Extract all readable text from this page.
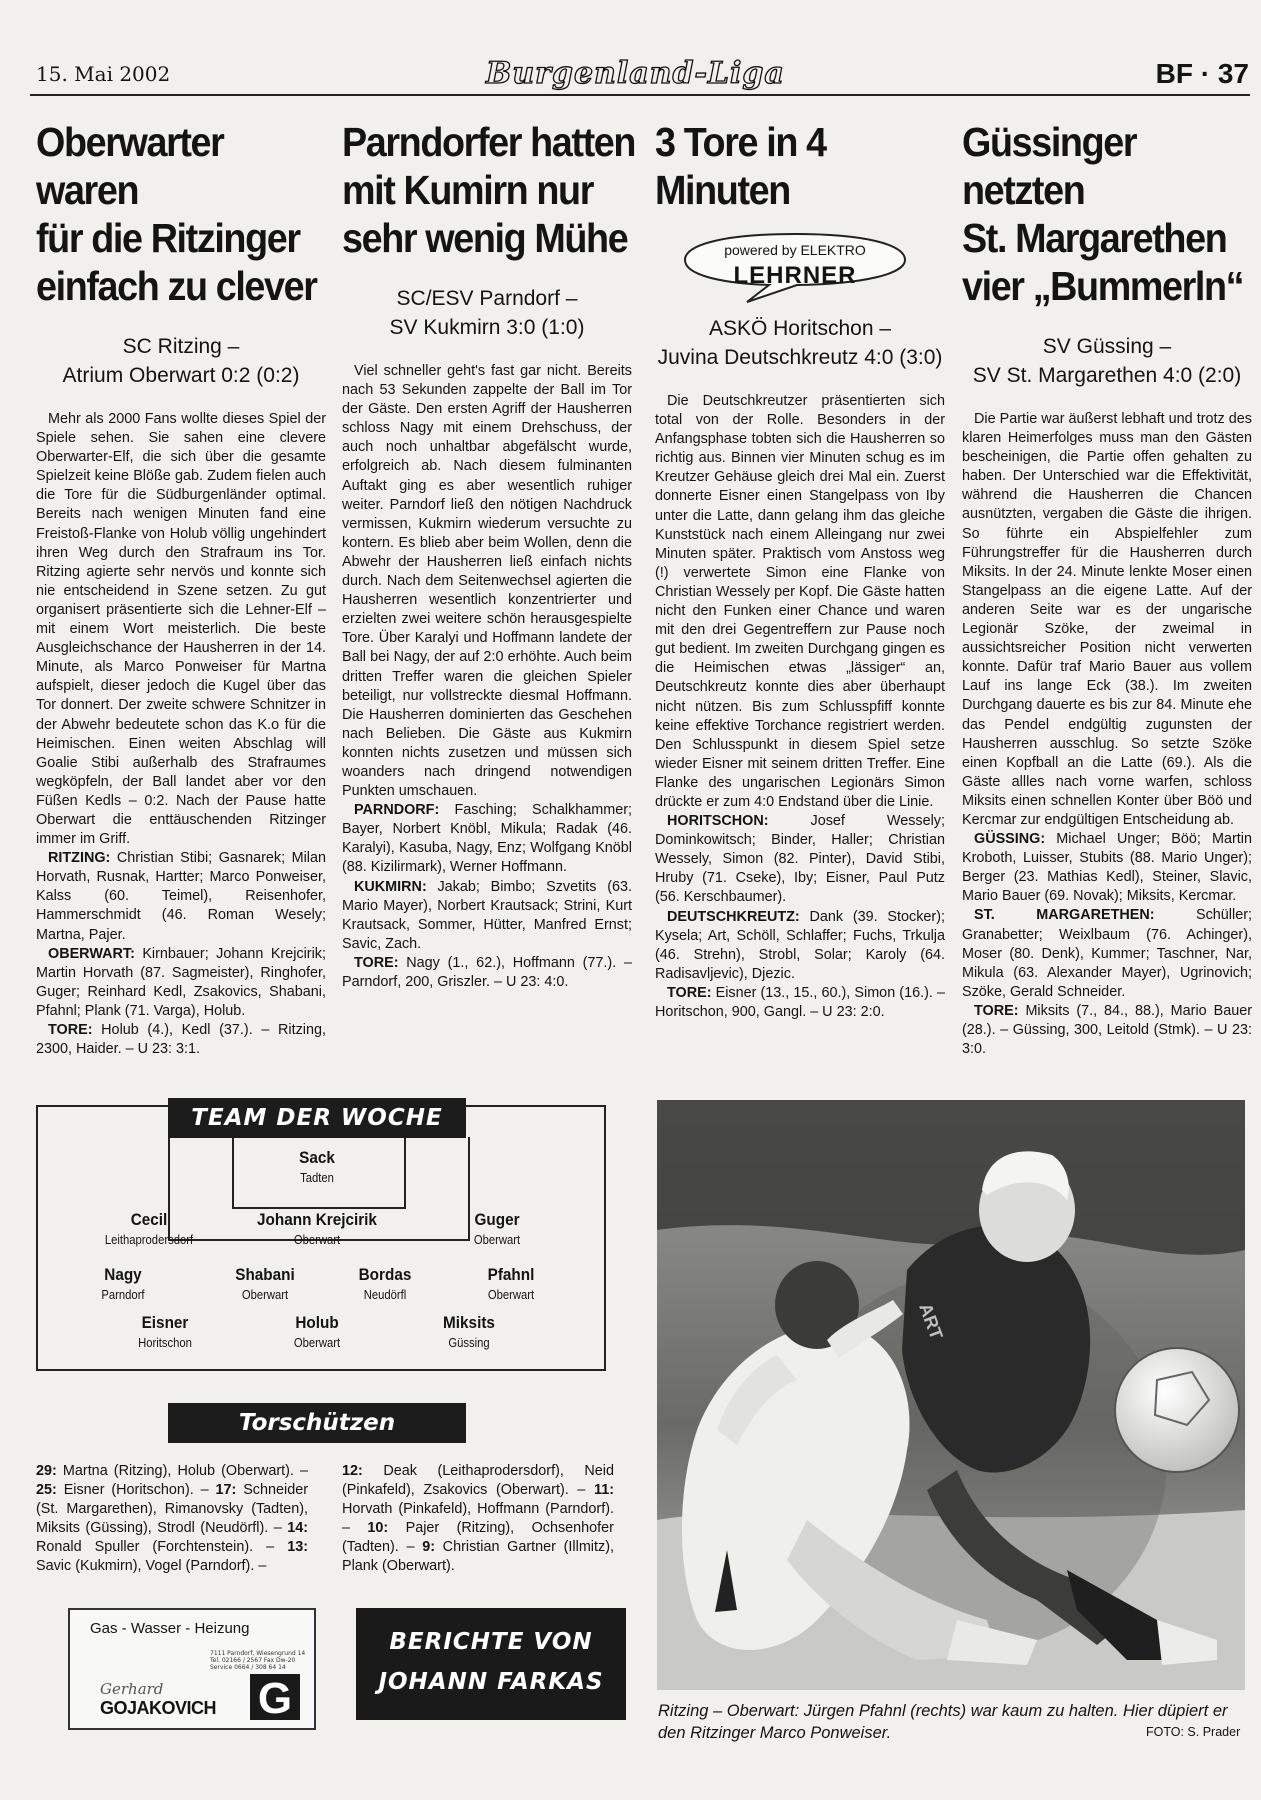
15. Mai 2002	Burgenland-Liga	BF · 37
Oberwarter waren
für die Ritzinger
einfach zu clever
SC Ritzing –
Atrium Oberwart 0:2 (0:2)

Mehr als 2000 Fans wollte dieses Spiel der Spiele sehen. Sie sahen eine clevere Oberwarter-Elf, die sich über die gesamte Spielzeit keine Blöße gab. Zudem fielen auch die Tore für die Südburgenländer optimal. Bereits nach wenigen Minuten fand eine Freistoß-Flanke von Holub völlig ungehindert ihren Weg durch den Strafraum ins Tor. Ritzing agierte sehr nervös und konnte sich nie entscheidend in Szene setzen. Zu gut organisert präsentierte sich die Lehner-Elf – mit einem Wort meisterlich. Die beste Ausgleichschance der Hausherren in der 14. Minute, als Marco Ponweiser für Martna aufspielt, dieser jedoch die Kugel über das Tor donnert. Der zweite schwere Schnitzer in der Abwehr bedeutete schon das K.o für die Heimischen. Einen weiten Abschlag will Goalie Stibi außerhalb des Strafraumes wegköpfeln, der Ball landet aber vor den Füßen Kedls – 0:2. Nach der Pause hatte Oberwart die enttäuschenden Ritzinger immer im Griff.

RITZING: Christian Stibi; Gasnarek; Milan Horvath, Rusnak, Hartter; Marco Ponweiser, Kalss (60. Teimel), Reisenhofer, Hammerschmidt (46. Roman Wesely; Martna, Pajer.

OBERWART: Kirnbauer; Johann Krejcirik; Martin Horvath (87. Sagmeister), Ringhofer, Guger; Reinhard Kedl, Zsakovics, Shabani, Pfahnl; Plank (71. Varga), Holub.

TORE: Holub (4.), Kedl (37.). – Ritzing, 2300, Haider. – U 23: 3:1.

Parndorfer hatten
mit Kumirn nur
sehr wenig Mühe
SC/ESV Parndorf –
SV Kukmirn 3:0 (1:0)

Viel schneller geht's fast gar nicht. Bereits nach 53 Sekunden zappelte der Ball im Tor der Gäste. Den ersten Agriff der Hausherren schloss Nagy mit einem Drehschuss, der auch noch unhaltbar abgefälscht wurde, erfolgreich ab. Nach diesem fulminanten Auftakt ging es aber wesentlich ruhiger weiter. Parndorf ließ den nötigen Nachdruck vermissen, Kukmirn wiederum versuchte zu kontern. Es blieb aber beim Wollen, denn die Abwehr der Hausherren ließ einfach nichts durch. Nach dem Seitenwechsel agierten die Hausherren wesentlich konzentrierter und erzielten zwei weitere schön herausgespielte Tore. Über Karalyi und Hoffmann landete der Ball bei Nagy, der auf 2:0 erhöhte. Auch beim dritten Treffer waren die gleichen Spieler beteiligt, nur vollstreckte diesmal Hoffmann. Die Hausherren dominierten das Geschehen nach Belieben. Die Gäste aus Kukmirn konnten nichts zusetzen und müssen sich woanders nach dringend notwendigen Punkten umschauen.

PARNDORF: Fasching; Schalkhammer; Bayer, Norbert Knöbl, Mikula; Radak (46. Karalyi), Kasuba, Nagy, Enz; Wolfgang Knöbl (88. Kizilirmark), Werner Hoffmann.

KUKMIRN: Jakab; Bimbo; Szvetits (63. Mario Mayer), Norbert Krautsack; Strini, Kurt Krautsack, Sommer, Hütter, Manfred Ernst; Savic, Zach.

TORE: Nagy (1., 62.), Hoffmann (77.). – Parndorf, 200, Griszler. – U 23: 4:0.

3 Tore in 4 Minuten
powered by ELEKTRO
LEHRNER
ASKÖ Horitschon –
Juvina Deutschkreutz 4:0 (3:0)

Die Deutschkreutzer präsentierten sich total von der Rolle. Besonders in der Anfangsphase tobten sich die Hausherren so richtig aus. Binnen vier Minuten schug es im Kreutzer Gehäuse gleich drei Mal ein. Zuerst donnerte Eisner einen Stangelpass von Iby unter die Latte, dann gelang ihm das gleiche Kunststück nach einem Alleingang nur zwei Minuten später. Praktisch vom Anstoss weg (!) verwertete Simon eine Flanke von Christian Wessely per Kopf. Die Gäste hatten nicht den Funken einer Chance und waren mit den drei Gegentreffern zur Pause noch gut bedient. Im zweiten Durchgang gingen es die Heimischen etwas „lässiger“ an, Deutschkreutz konnte dies aber überhaupt nicht nützen. Bis zum Schlusspfiff konnte keine effektive Torchance registriert werden. Den Schlusspunkt in diesem Spiel setze wieder Eisner mit seinem dritten Treffer. Eine Flanke des ungarischen Legionärs Simon drückte er zum 4:0 Endstand über die Linie.

HORITSCHON: Josef Wessely; Dominkowitsch; Binder, Haller; Christian Wessely, Simon (82. Pinter), David Stibi, Hruby (71. Cseke), Iby; Eisner, Paul Putz (56. Kerschbaumer).

DEUTSCHKREUTZ: Dank (39. Stocker); Kysela; Art, Schöll, Schlaffer; Fuchs, Trkulja (46. Strehn), Strobl, Solar; Karoly (64. Radisavljevic), Djezic.

TORE: Eisner (13., 15., 60.), Simon (16.). – Horitschon, 900, Gangl. – U 23: 2:0.

Güssinger netzten
St. Margarethen
vier „Bummerln“
SV Güssing –
SV St. Margarethen 4:0 (2:0)

Die Partie war äußerst lebhaft und trotz des klaren Heimerfolges muss man den Gästen bescheinigen, die Partie offen gehalten zu haben. Der Unterschied war die Effektivität, während die Hausherren die Chancen ausnützten, vergaben die Gäste die ihrigen. So führte ein Abspielfehler zum Führungstreffer für die Hausherren durch Miksits. In der 24. Minute lenkte Moser einen Stangelpass an die eigene Latte. Auf der anderen Seite war es der ungarische Legionär Szöke, der zweimal in aussichtsreicher Position nicht verwerten konnte. Dafür traf Mario Bauer aus vollem Lauf ins lange Eck (38.). Im zweiten Durchgang dauerte es bis zur 84. Minute ehe das Pendel endgültig zugunsten der Hausherren ausschlug. So setzte Szöke einen Kopfball an die Latte (69.). Als die Gäste allles nach vorne warfen, schloss Miksits einen schnellen Konter über Böö und Kercmar zur endgültigen Entscheidung ab.

GÜSSING: Michael Unger; Böö; Martin Kroboth, Luisser, Stubits (88. Mario Unger); Berger (23. Mathias Kedl), Steiner, Slavic, Mario Bauer (69. Novak); Miksits, Kercmar.

ST. MARGARETHEN: Schüller; Granabetter; Weixlbaum (76. Achinger), Moser (80. Denk), Kummer; Taschner, Nar, Mikula (63. Alexander Mayer), Ugrinovich; Szöke, Gerald Schneider.

TORE: Miksits (7., 84., 88.), Mario Bauer (28.). – Güssing, 300, Leitold (Stmk). – U 23: 3:0.

TEAM DER WOCHE
Sack
Tadten
Cecil
Leithaprodersdorf
Johann Krejcirik
Oberwart
Guger
Oberwart
Nagy
Parndorf
Shabani
Oberwart
Bordas
Neudörfl
Pfahnl
Oberwart
Eisner
Horitschon
Holub
Oberwart
Miksits
Güssing
Torschützen
29: Martna (Ritzing), Holub (Oberwart). – 25: Eisner (Horitschon). – 17: Schneider (St. Margarethen), Rimanovsky (Tadten), Miksits (Güssing), Strodl (Neudörfl). – 14: Ronald Spuller (Forchtenstein). – 13: Savic (Kukmirn), Vogel (Parndorf). –
12: Deak (Leithaprodersdorf), Neid (Pinkafeld), Zsakovics (Oberwart). – 11: Horvath (Pinkafeld), Hoffmann (Parndorf). – 10: Pajer (Ritzing), Ochsenhofer (Tadten). – 9: Christian Gartner (Illmitz), Plank (Oberwart).
Gas - Wasser - Heizung
7111 Parndorf, Wiesengrund 14
Tel. 02166 / 2567 Fax Dw-20
Service 0664 / 308 64 14
Gerhard
GOJAKOVICH G
BERICHTE VON
JOHANN FARKAS
ART
Ritzing – Oberwart: Jürgen Pfahnl (rechts) war kaum zu halten. Hier düpiert er den Ritzinger Marco Ponweiser.	FOTO: S. Prader
